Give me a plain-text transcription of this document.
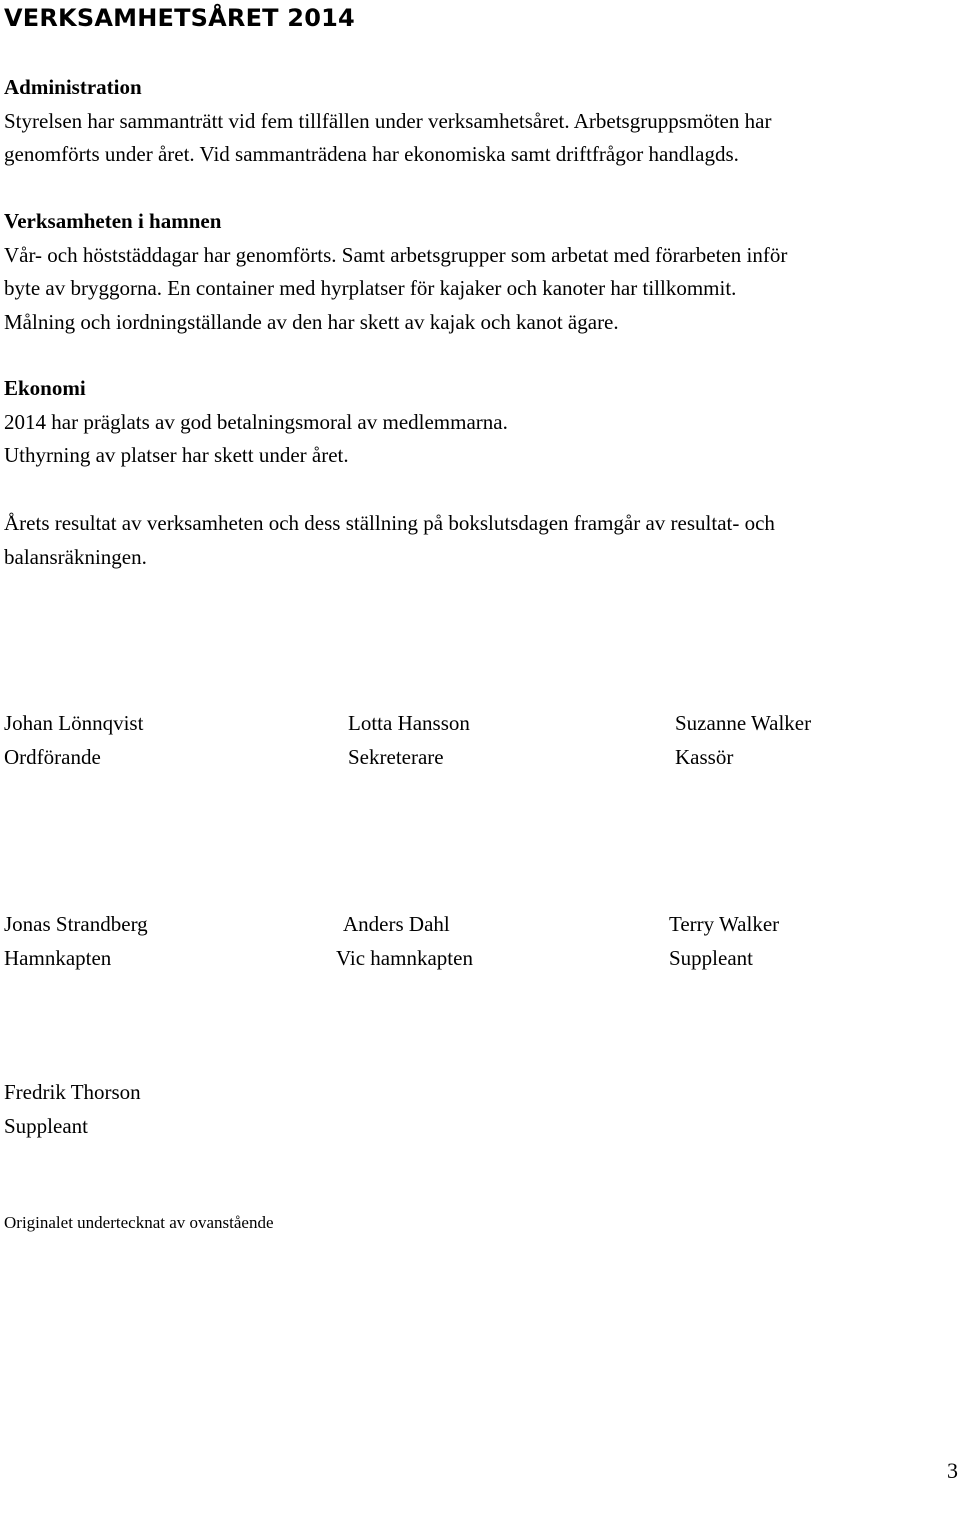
VERKSAMHETSÅRET 2014
Administration
Styrelsen har sammanträtt vid fem tillfällen under verksamhetsåret. Arbetsgruppsmöten har
genomförts under året. Vid sammanträdena har ekonomiska samt driftfrågor handlagds.
Verksamheten i hamnen
Vår- och höststäddagar har genomförts. Samt arbetsgrupper som arbetat med förarbeten inför
byte av bryggorna. En container med hyrplatser för kajaker och kanoter har tillkommit.
Målning och iordningställande av den har skett av kajak och kanot ägare.
Ekonomi
2014 har präglats av god betalningsmoral av medlemmarna.
Uthyrning av platser har skett under året.
Årets resultat av verksamheten och dess ställning på bokslutsdagen framgår av resultat- och
balansräkningen.
Johan Lönnqvist
Ordförande
Lotta Hansson
Sekreterare
Suzanne Walker
Kassör
Jonas Strandberg
Hamnkapten
Anders Dahl
Vic hamnkapten
Terry Walker
Suppleant
Fredrik Thorson
Suppleant
Originalet undertecknat av ovanstående
3
